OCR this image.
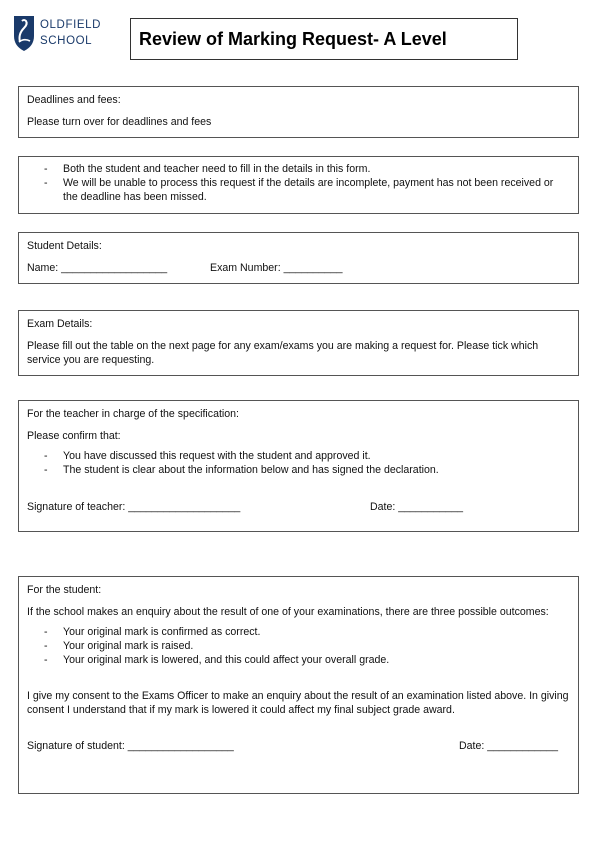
OLDFIELD
SCHOOL	Review of Marking Request- A Level

Deadlines and fees:

Please turn over for deadlines and fees

- Both the student and teacher need to fill in the details in this form.
- We will be unable to process this request if the details are incomplete, payment has not been received or the deadline has been missed.

Student Details:

Name: __________________	Exam Number: __________

Exam Details:

Please fill out the table on the next page for any exam/exams you are making a request for. Please tick which service you are requesting.

For the teacher in charge of the specification:

Please confirm that:

- You have discussed this request with the student and approved it.
- The student is clear about the information below and has signed the declaration.
Signature of teacher: ___________________	Date: ___________

For the student:

If the school makes an enquiry about the result of one of your examinations, there are three possible outcomes:

- Your original mark is confirmed as correct.
- Your original mark is raised.
- Your original mark is lowered, and this could affect your overall grade.

I give my consent to the Exams Officer to make an enquiry about the result of an examination listed above. In giving consent I understand that if my mark is lowered it could affect my final subject grade award.

Signature of student: __________________	Date: ____________
